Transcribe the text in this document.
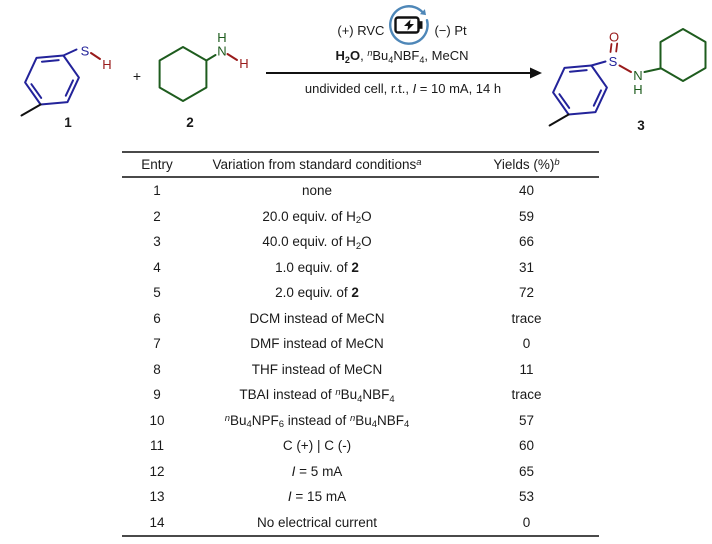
S
H
1
+
H
N
H
2
(+) RVC	(−) Pt
$H_2O$, $^nBu_4NBF_4$, MeCN
undivided cell, r.t., I = 10 mA, 14 h
O
S
N
H
3
Entry	Variation from standard conditions$^a$	Yields (%)$^b$
1	none	40
2	20.0 equiv. of $H_2O$	59
3	40.0 equiv. of $H_2O$	66
4	1.0 equiv. of 2	31
5	2.0 equiv. of 2	72
6	DCM instead of MeCN	trace
7	DMF instead of MeCN	0
8	THF instead of MeCN	11
9	TBAI instead of $^nBu_4NBF_4$	trace
10	$^nBu_4NPF_6$ instead of $^nBu_4NBF_4$	57
11	C (+) | C (-)	60
12	I = 5 mA	65
13	I = 15 mA	53
14	No electrical current	0
